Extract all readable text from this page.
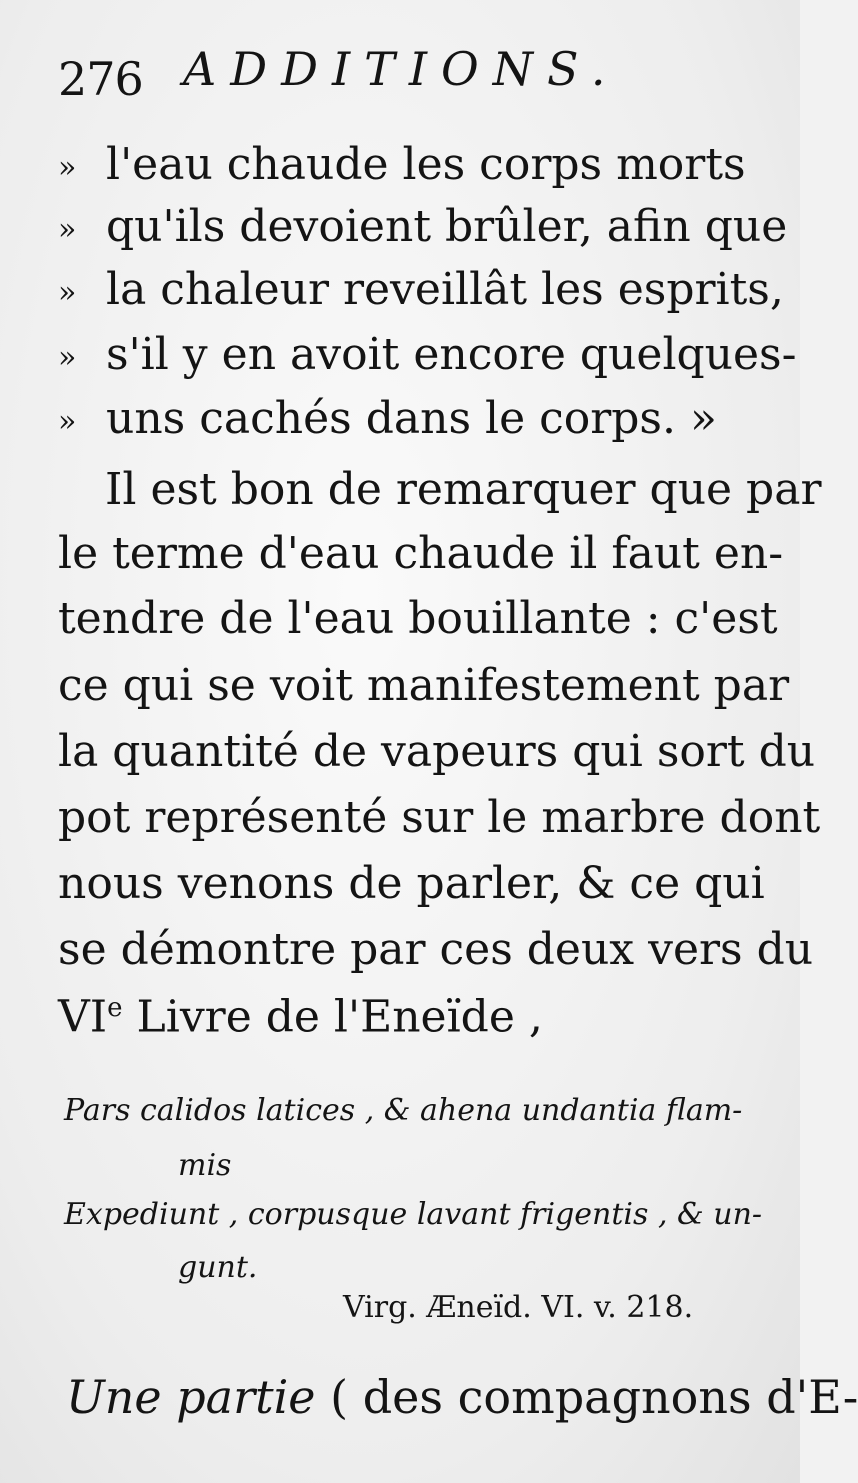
276 ADDITIONS.
» l'eau chaude les corps morts
» qu'ils devoient brûler, afin que
» la chaleur reveillât les esprits,
» s'il y en avoit encore quelques-
» uns cachés dans le corps. »
Il est bon de remarquer que par
le terme d'eau chaude il faut en-
tendre de l'eau bouillante : c'est
ce qui se voit manifestement par
la quantité de vapeurs qui sort du
pot représenté sur le marbre dont
nous venons de parler, & ce qui
se démontre par ces deux vers du
VIe Livre de l'Eneïde ,
Pars calidos latices , & ahena undantia flam-
mis
Expediunt , corpusque lavant frigentis , & un-
gunt.
Virg. Æneïd. VI. v. 218.
Une partie ( des compagnons d'E-
